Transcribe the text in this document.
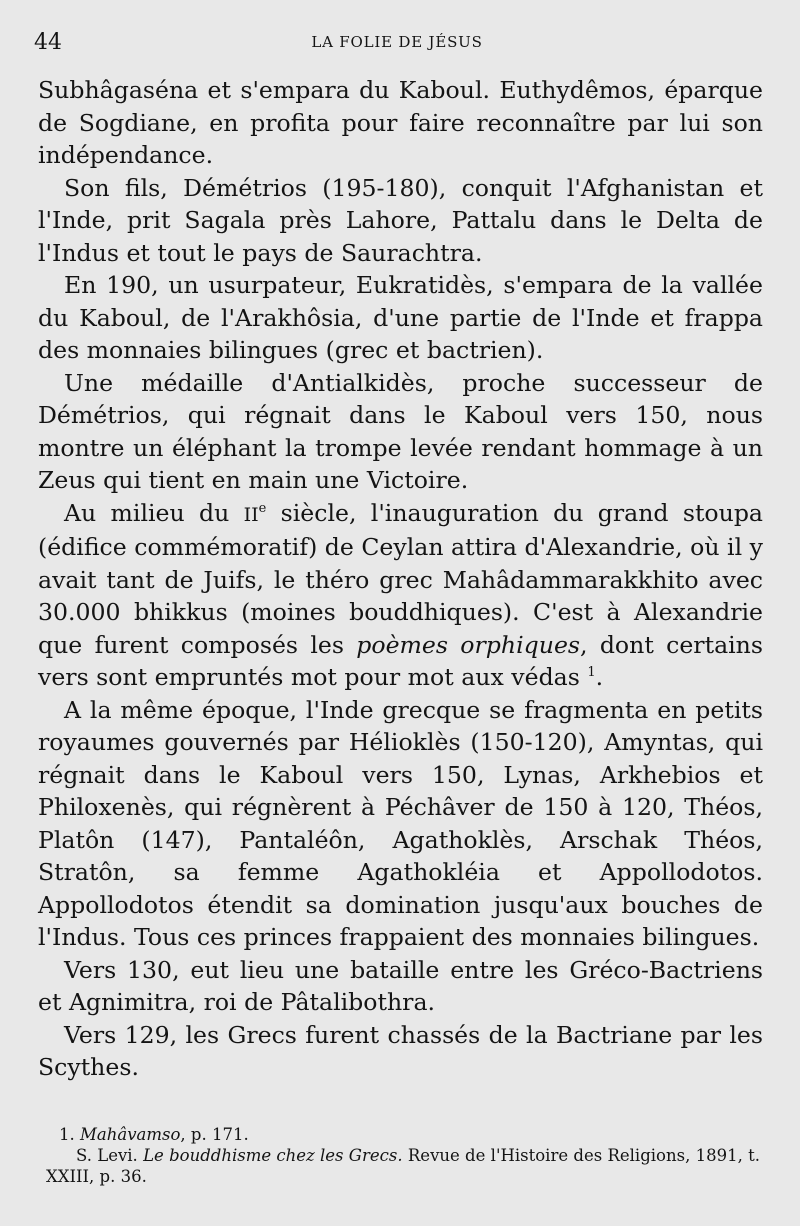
44	LA FOLIE DE JÉSUS

Subhâgaséna et s'empara du Kaboul. Euthydêmos, éparque de Sogdiane, en profita pour faire reconnaître par lui son indépendance.

Son fils, Démétrios (195-180), conquit l'Afghanistan et l'Inde, prit Sagala près Lahore, Pattalu dans le Delta de l'Indus et tout le pays de Saurachtra.

En 190, un usurpateur, Eukratidès, s'empara de la vallée du Kaboul, de l'Arakhôsia, d'une partie de l'Inde et frappa des monnaies bilingues (grec et bactrien).

Une médaille d'Antialkidès, proche successeur de Démétrios, qui régnait dans le Kaboul vers 150, nous montre un éléphant la trompe levée rendant hommage à un Zeus qui tient en main une Victoire.

Au milieu du IIe siècle, l'inauguration du grand stoupa (édifice commémoratif) de Ceylan attira d'Alexandrie, où il y avait tant de Juifs, le théro grec Mahâdammarakkhito avec 30.000 bhikkus (moines bouddhiques). C'est à Alexandrie que furent composés les poèmes orphiques, dont certains vers sont empruntés mot pour mot aux védas $^1$.

A la même époque, l'Inde grecque se fragmenta en petits royaumes gouvernés par Hélioklès (150-120), Amyntas, qui régnait dans le Kaboul vers 150, Lynas, Arkhebios et Philoxenès, qui régnèrent à Péchâver de 150 à 120, Théos, Platôn (147), Pantaléôn, Agathoklès, Arschak Théos, Stratôn, sa femme Agathokléia et Appollodotos. Appollodotos étendit sa domination jusqu'aux bouches de l'Indus. Tous ces princes frappaient des monnaies bilingues.

Vers 130, eut lieu une bataille entre les Gréco-Bactriens et Agnimitra, roi de Pâtalibothra.

Vers 129, les Grecs furent chassés de la Bactriane par les Scythes.

1. Mahâvamso, p. 171.

S. Levi. Le bouddhisme chez les Grecs. Revue de l'Histoire des Religions, 1891, t. XXIII, p. 36.
